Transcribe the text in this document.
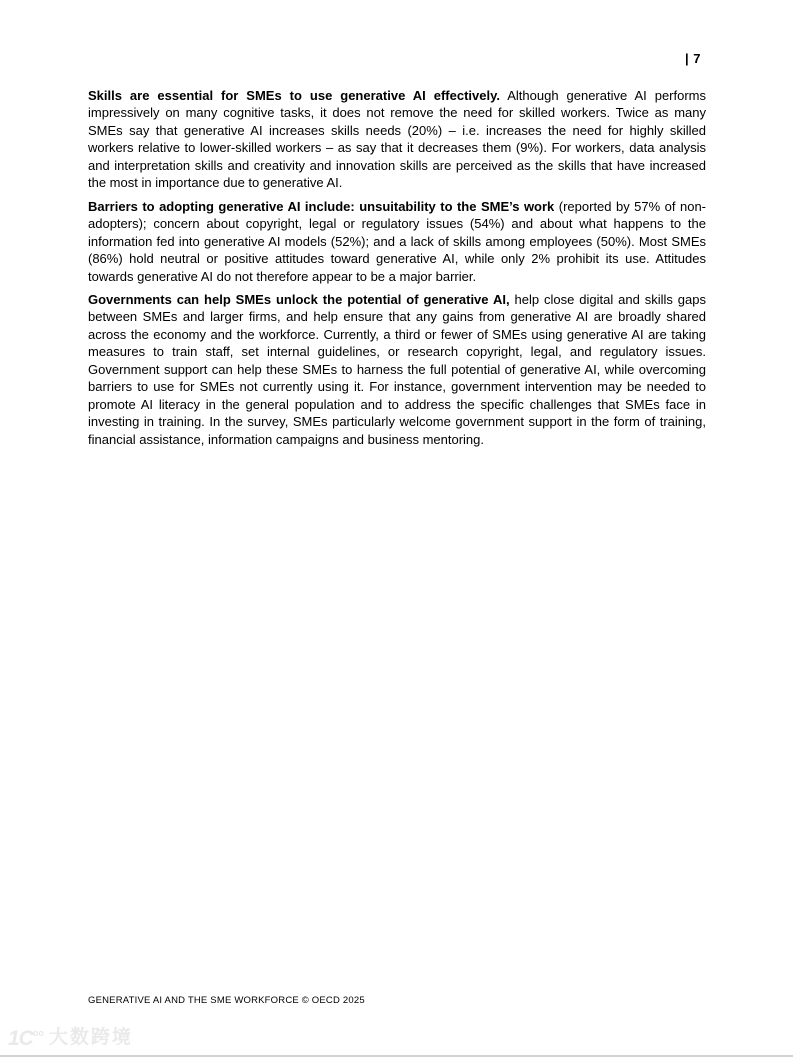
| 7

Skills are essential for SMEs to use generative AI effectively. Although generative AI performs impressively on many cognitive tasks, it does not remove the need for skilled workers. Twice as many SMEs say that generative AI increases skills needs (20%) – i.e. increases the need for highly skilled workers relative to lower-skilled workers – as say that it decreases them (9%). For workers, data analysis and interpretation skills and creativity and innovation skills are perceived as the skills that have increased the most in importance due to generative AI.

Barriers to adopting generative AI include: unsuitability to the SME’s work (reported by 57% of non-adopters); concern about copyright, legal or regulatory issues (54%) and about what happens to the information fed into generative AI models (52%); and a lack of skills among employees (50%). Most SMEs (86%) hold neutral or positive attitudes toward generative AI, while only 2% prohibit its use. Attitudes towards generative AI do not therefore appear to be a major barrier.

Governments can help SMEs unlock the potential of generative AI, help close digital and skills gaps between SMEs and larger firms, and help ensure that any gains from generative AI are broadly shared across the economy and the workforce. Currently, a third or fewer of SMEs using generative AI are taking measures to train staff, set internal guidelines, or research copyright, legal, and regulatory issues. Government support can help these SMEs to harness the full potential of generative AI, while overcoming barriers to use for SMEs not currently using it. For instance, government intervention may be needed to promote AI literacy in the general population and to address the specific challenges that SMEs face in investing in training. In the survey, SMEs particularly welcome government support in the form of training, financial assistance, information campaigns and business mentoring.

GENERATIVE AI AND THE SME WORKFORCE © OECD 2025
$1C^{oo}$ 大数跨境
